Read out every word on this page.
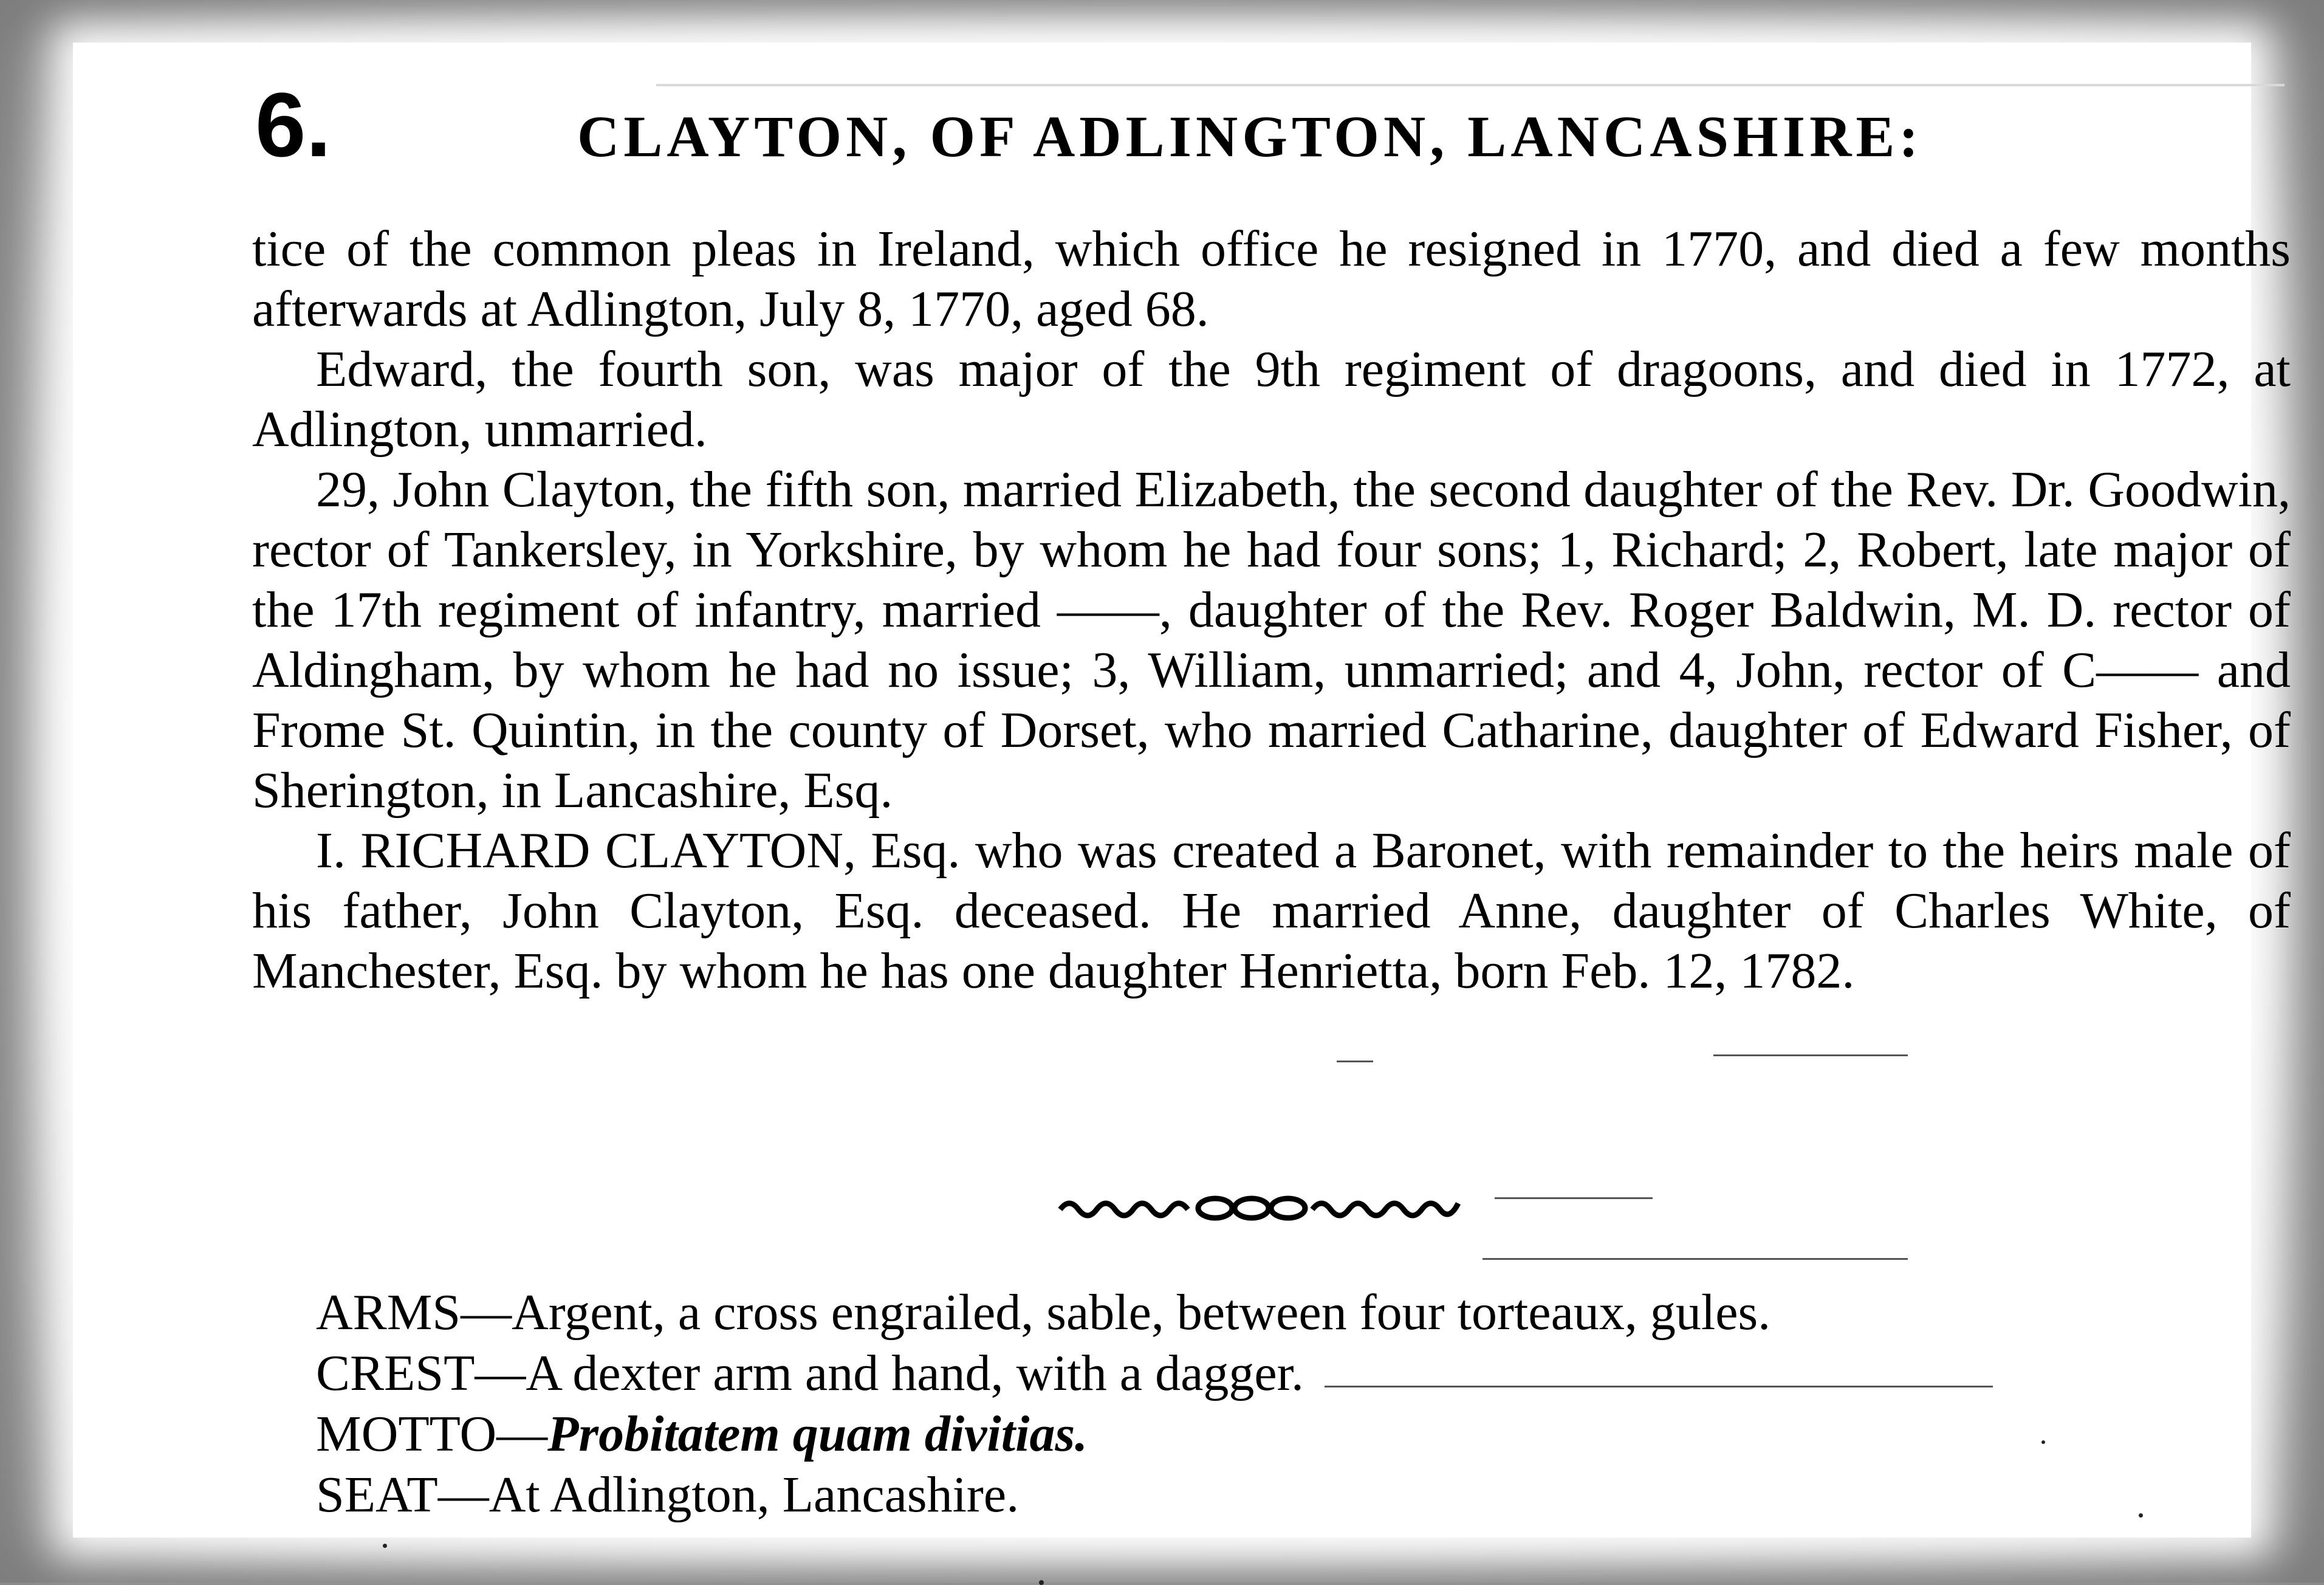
6.	CLAYTON, OF ADLINGTON, LANCASHIRE:

tice of the common pleas in Ireland, which office he resigned in 1770, and died a few months afterwards at Adlington, July 8, 1770, aged 68.

Edward, the fourth son, was major of the 9th regiment of dragoons, and died in 1772, at Adlington, unmarried.

29, John Clayton, the fifth son, married Elizabeth, the second daughter of the Rev. Dr. Goodwin, rector of Tankersley, in Yorkshire, by whom he had four sons; 1, Richard; 2, Robert, late major of the 17th regiment of infantry, married ——, daughter of the Rev. Roger Baldwin, M. D. rector of Aldingham, by whom he had no issue; 3, William, unmarried; and 4, John, rector of C—— and Frome St. Quintin, in the county of Dorset, who married Catharine, daughter of Edward Fisher, of Sherington, in Lancashire, Esq.

I. RICHARD CLAYTON, Esq. who was created a Baronet, with remainder to the heirs male of his father, John Clayton, Esq. deceased. He married Anne, daughter of Charles White, of Manchester, Esq. by whom he has one daughter Henrietta, born Feb. 12, 1782.

ARMS—Argent, a cross engrailed, sable, between four torteaux, gules.
CREST—A dexter arm and hand, with a dagger.
MOTTO—Probitatem quam divitias.
SEAT—At Adlington, Lancashire.
